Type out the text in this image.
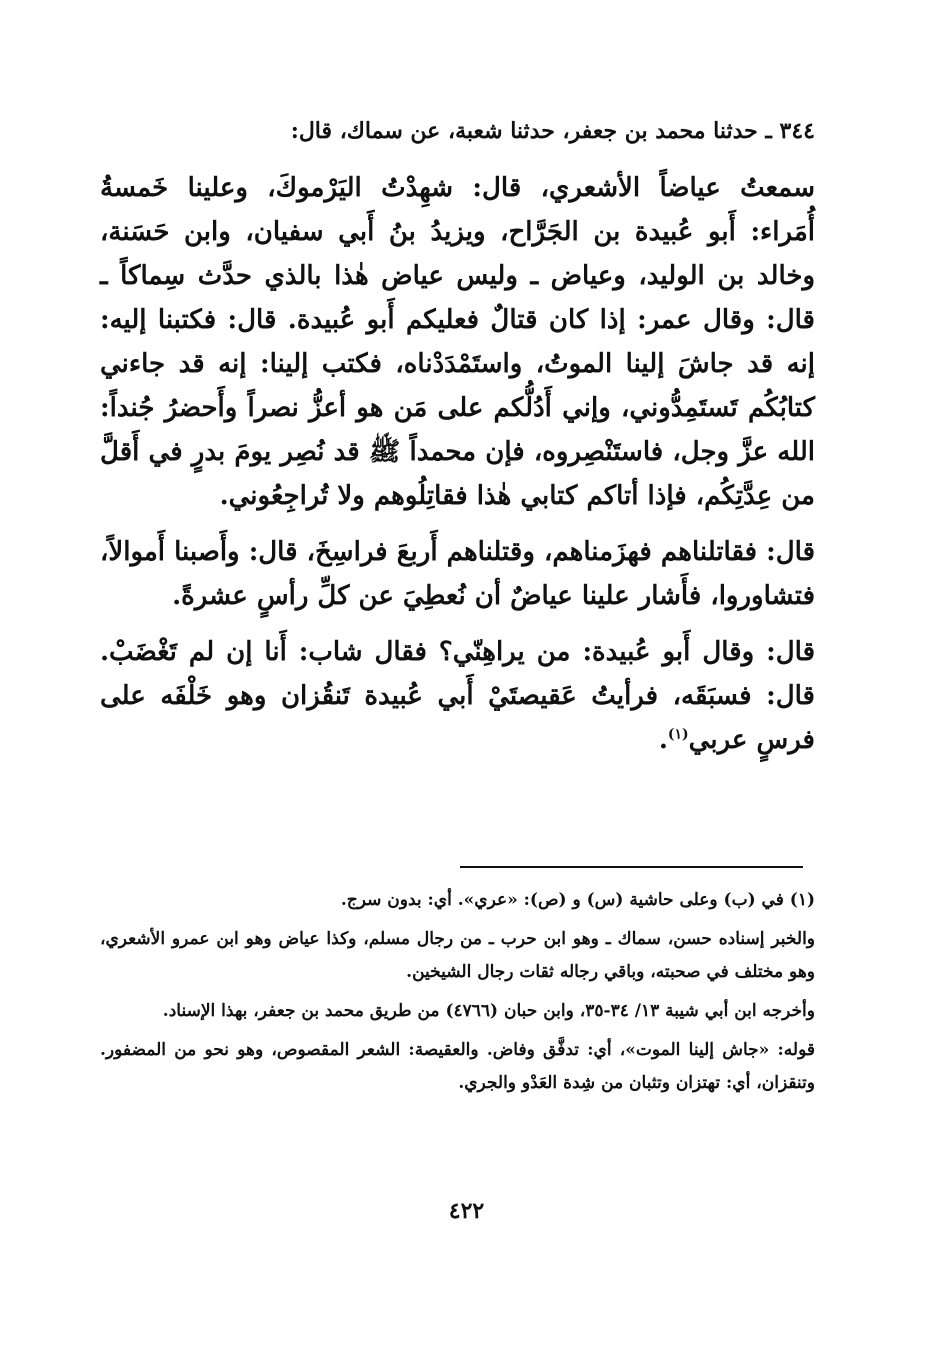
٣٤٤ ـ حدثنا محمد بن جعفر، حدثنا شعبة، عن سماك، قال:

سمعتُ عياضاً الأشعري، قال: شهِدْتُ اليَرْموكَ، وعلينا خَمسةُ أُمَراء: أَبو عُبيدة بن الجَرَّاح، ويزيدُ بنُ أَبي سفيان، وابن حَسَنة، وخالد بن الوليد، وعياض ـ وليس عياض هٰذا بالذي حدَّث سِماكاً ـ قال: وقال عمر: إذا كان قتالٌ فعليكم أَبو عُبيدة. قال: فكتبنا إليه: إنه قد جاشَ إلينا الموتُ، واستَمْدَدْناه، فكتب إلينا: إنه قد جاءني كتابُكُم تَستَمِدُّوني، وإني أَدُلُّكم على مَن هو أعزُّ نصراً وأَحضرُ جُنداً: الله عزَّ وجل، فاستَنْصِروه، فإن محمداً ﷺ قد نُصِر يومَ بدرٍ في أَقلَّ من عِدَّتِكُم، فإذا أتاكم كتابي هٰذا فقاتِلُوهم ولا تُراجِعُوني.

قال: فقاتلناهم فهزَمناهم، وقتلناهم أَربعَ فراسِخَ، قال: وأَصبنا أَموالاً، فتشاوروا، فأَشار علينا عياضٌ أن نُعطِيَ عن كلِّ رأسٍ عشرةً.

قال: وقال أَبو عُبيدة: من يراهِنّي؟ فقال شاب: أَنا إن لم تَغْضَبْ. قال: فسبَقَه، فرأيتُ عَقيصتَيْ أَبي عُبيدة تَنقُزان وهو خَلْفَه على فرسٍ عربي$^{(١)}$.

(١) في (ب) وعلى حاشية (س) و (ص): «عري». أي: بدون سرج.

والخبر إسناده حسن، سماك ـ وهو ابن حرب ـ من رجال مسلم، وكذا عياض وهو ابن عمرو الأشعري، وهو مختلف في صحبته، وباقي رجاله ثقات رجال الشيخين.

وأخرجه ابن أبي شيبة ١٣/ ٣٤-٣٥، وابن حبان (٤٧٦٦) من طريق محمد بن جعفر، بهذا الإسناد.

قوله: «جاش إلينا الموت»، أي: تدفَّق وفاض. والعقيصة: الشعر المقصوص، وهو نحو من المضفور. وتنقزان، أي: تهتزان وتثبان من شِدة العَدْو والجري.

٤٢٢
